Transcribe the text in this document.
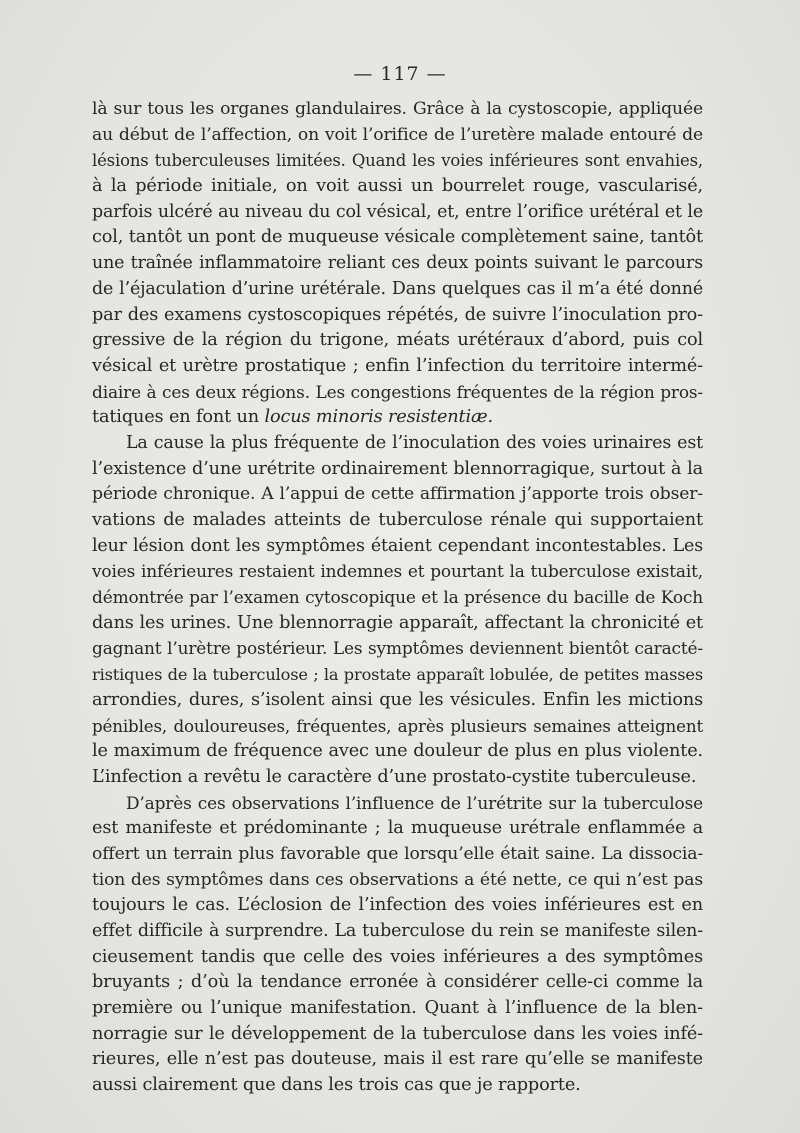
— 117 —
là sur tous les organes glandulaires. Grâce à la cystoscopie, appliquée
au début de l’affection, on voit l’orifice de l’uretère malade entouré de
lésions tuberculeuses limitées. Quand les voies inférieures sont envahies,
à la période initiale, on voit aussi un bourrelet rouge, vascularisé,
parfois ulcéré au niveau du col vésical, et, entre l’orifice urétéral et le
col, tantôt un pont de muqueuse vésicale complètement saine, tantôt
une traînée inflammatoire reliant ces deux points suivant le parcours
de l’éjaculation d’urine urétérale. Dans quelques cas il m’a été donné
par des examens cystoscopiques répétés, de suivre l’inoculation pro-
gressive de la région du trigone, méats urétéraux d’abord, puis col
vésical et urètre prostatique ; enfin l’infection du territoire intermé-
diaire à ces deux régions. Les congestions fréquentes de la région pros-
tatiques en font un locus minoris resistentiæ.
La cause la plus fréquente de l’inoculation des voies urinaires est
l’existence d’une urétrite ordinairement blennorragique, surtout à la
période chronique. A l’appui de cette affirmation j’apporte trois obser-
vations de malades atteints de tuberculose rénale qui supportaient
leur lésion dont les symptômes étaient cependant incontestables. Les
voies inférieures restaient indemnes et pourtant la tuberculose existait,
démontrée par l’examen cytoscopique et la présence du bacille de Koch
dans les urines. Une blennorragie apparaît, affectant la chronicité et
gagnant l’urètre postérieur. Les symptômes deviennent bientôt caracté-
ristiques de la tuberculose ; la prostate apparaît lobulée, de petites masses
arrondies, dures, s’isolent ainsi que les vésicules. Enfin les mictions
pénibles, douloureuses, fréquentes, après plusieurs semaines atteignent
le maximum de fréquence avec une douleur de plus en plus violente.
L’infection a revêtu le caractère d’une prostato-cystite tuberculeuse.
D’après ces observations l’influence de l’urétrite sur la tuberculose
est manifeste et prédominante ; la muqueuse urétrale enflammée a
offert un terrain plus favorable que lorsqu’elle était saine. La dissocia-
tion des symptômes dans ces observations a été nette, ce qui n’est pas
toujours le cas. L’éclosion de l’infection des voies inférieures est en
effet difficile à surprendre. La tuberculose du rein se manifeste silen-
cieusement tandis que celle des voies inférieures a des symptômes
bruyants ; d’où la tendance erronée à considérer celle-ci comme la
première ou l’unique manifestation. Quant à l’influence de la blen-
norragie sur le développement de la tuberculose dans les voies infé-
rieures, elle n’est pas douteuse, mais il est rare qu’elle se manifeste
aussi clairement que dans les trois cas que je rapporte.
